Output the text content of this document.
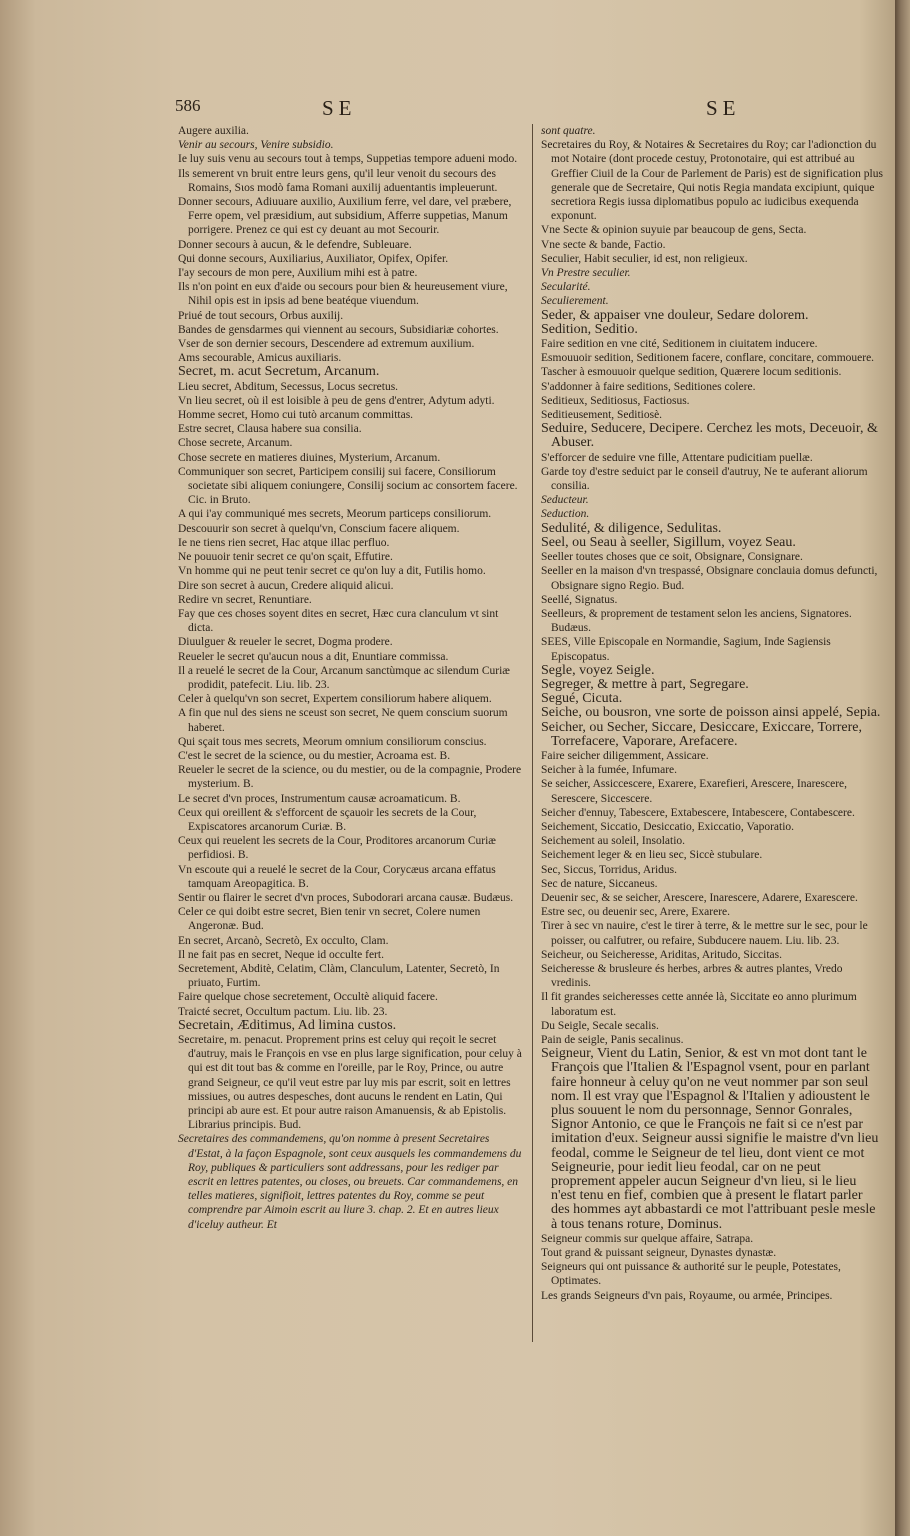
586	SE	SE

Augere auxilia.

Venir au secours, Venire subsidio.

Ie luy suis venu au secours tout à temps, Suppetias tempore adueni modo.

Ils semerent vn bruit entre leurs gens, qu'il leur venoit du secours des Romains, Sιos modò fama Romani auxilij aduentantis impleuerunt.

Donner secours, Adiuuare auxilio, Auxilium ferre, vel dare, vel præbere, Ferre opem, vel præsidium, aut subsidium, Afferre suppetias, Manum porrigere. Prenez ce qui est cy deuant au mot Secourir.

Donner secours à aucun, & le defendre, Subleuare.

Qui donne secours, Auxiliarius, Auxiliator, Opifex, Opifer.

I'ay secours de mon pere, Auxilium mihi est à patre.

Ils n'on point en eux d'aide ou secours pour bien & heureusement viure, Nihil opis est in ipsis ad bene beatéque viuendum.

Priué de tout secours, Orbus auxilij.

Bandes de gensdarmes qui viennent au secours, Subsidiariæ cohortes.

Vser de son dernier secours, Descendere ad extremum auxilium.

Ams secourable, Amicus auxiliaris.

Secret, m. acut Secretum, Arcanum.

Lieu secret, Abditum, Secessus, Locus secretus.

Vn lieu secret, où il est loisible à peu de gens d'entrer, Adytum adyti.

Homme secret, Homo cui tutò arcanum committas.

Estre secret, Clausa habere sua consilia.

Chose secrete, Arcanum.

Chose secrete en matieres diuines, Mysterium, Arcanum.

Communiquer son secret, Participem consilij sui facere, Consiliorum societate sibi aliquem coniungere, Consilij socium ac consortem facere. Cic. in Bruto.

A qui i'ay communiqué mes secrets, Meorum particeps consiliorum.

Descouurir son secret à quelqu'vn, Conscium facere aliquem.

Ie ne tiens rien secret, Hac atque illac perfluo.

Ne pouuoir tenir secret ce qu'on sçait, Effutire.

Vn homme qui ne peut tenir secret ce qu'on luy a dit, Futilis homo.

Dire son secret à aucun, Credere aliquid alicui.

Redire vn secret, Renuntiare.

Fay que ces choses soyent dites en secret, Hæc cura clanculum vt sint dicta.

Diuulguer & reueler le secret, Dogma prodere.

Reueler le secret qu'aucun nous a dit, Enuntiare commissa.

Il a reuelé le secret de la Cour, Arcanum sanctùmque ac silendum Curiæ prodidit, patefecit. Liu. lib. 23.

Celer à quelqu'vn son secret, Expertem consiliorum habere aliquem.

A fin que nul des siens ne sceust son secret, Ne quem conscium suorum haberet.

Qui sçait tous mes secrets, Meorum omnium consiliorum conscius.

C'est le secret de la science, ou du mestier, Acroama est. B.

Reueler le secret de la science, ou du mestier, ou de la compagnie, Prodere mysterium. B.

Le secret d'vn proces, Instrumentum causæ acroamaticum. B.

Ceux qui oreillent & s'efforcent de sçauoir les secrets de la Cour, Expiscatores arcanorum Curiæ. B.

Ceux qui reuelent les secrets de la Cour, Proditores arcanorum Curiæ perfidiosi. B.

Vn escoute qui a reuelé le secret de la Cour, Corycæus arcana effatus tamquam Areopagitica. B.

Sentir ou flairer le secret d'vn proces, Subodorari arcana causæ. Budæus.

Celer ce qui doibt estre secret, Bien tenir vn secret, Colere numen Angeronæ. Bud.

En secret, Arcanò, Secretò, Ex occulto, Clam.

Il ne fait pas en secret, Neque id occulte fert.

Secretement, Abditè, Celatim, Clàm, Clanculum, Latenter, Secretò, In priuato, Furtim.

Faire quelque chose secretement, Occultè aliquid facere.

Traicté secret, Occultum pactum. Liu. lib. 23.

Secretain, Æditimus, Ad limina custos.

Secretaire, m. penacut. Proprement prins est celuy qui reçoit le secret d'autruy, mais le François en vse en plus large signification, pour celuy à qui est dit tout bas & comme en l'oreille, par le Roy, Prince, ou autre grand Seigneur, ce qu'il veut estre par luy mis par escrit, soit en lettres missiues, ou autres despesches, dont aucuns le rendent en Latin, Qui principi ab aure est. Et pour autre raison Amanuensis, & ab Epistolis. Librarius principis. Bud.

Secretaires des commandemens, qu'on nomme à present Secretaires d'Estat, à la façon Espagnole, sont ceux ausquels les commandemens du Roy, publiques & particuliers sont addressans, pour les rediger par escrit en lettres patentes, ou closes, ou breuets. Car commandemens, en telles matieres, signifioit, lettres patentes du Roy, comme se peut comprendre par Aimoin escrit au liure 3. chap. 2. Et en autres lieux d'iceluy autheur. Et

sont quatre.

Secretaires du Roy, & Notaires & Secretaires du Roy; car l'adionction du mot Notaire (dont procede cestuy, Protonotaire, qui est attribué au Greffier Ciuil de la Cour de Parlement de Paris) est de signification plus generale que de Secretaire, Qui notis Regia mandata excipiunt, quique secretiora Regis iussa diplomatibus populo ac iudicibus exequenda exponunt.

Vne Secte & opinion suyuie par beaucoup de gens, Secta.

Vne secte & bande, Factio.

Seculier, Habit seculier, id est, non religieux.

Vn Prestre seculier.

Secularité.

Seculierement.

Seder, & appaiser vne douleur, Sedare dolorem.

Sedition, Seditio.

Faire sedition en vne cité, Seditionem in ciuitatem inducere.

Esmouuoir sedition, Seditionem facere, conflare, concitare, commouere.

Tascher à esmouuoir quelque sedition, Quærere locum seditionis.

S'addonner à faire seditions, Seditiones colere.

Seditieux, Seditiosus, Factiosus.

Seditieusement, Seditiosè.

Seduire, Seducere, Decipere. Cerchez les mots, Deceuoir, & Abuser.

S'efforcer de seduire vne fille, Attentare pudicitiam puellæ.

Garde toy d'estre seduict par le conseil d'autruy, Ne te auferant aliorum consilia.

Seducteur.

Seduction.

Sedulité, & diligence, Sedulitas.

Seel, ou Seau à seeller, Sigillum, voyez Seau.

Seeller toutes choses que ce soit, Obsignare, Consignare.

Seeller en la maison d'vn trespassé, Obsignare conclauia domus defuncti, Obsignare signo Regio. Bud.

Seellé, Signatus.

Seelleurs, & proprement de testament selon les anciens, Signatores. Budæus.

SEES, Ville Episcopale en Normandie, Sagium, Inde Sagiensis Episcopatus.

Segle, voyez Seigle.

Segreger, & mettre à part, Segregare.

Segué, Cicuta.

Seiche, ou bousron, vne sorte de poisson ainsi appelé, Sepia.

Seicher, ou Secher, Siccare, Desiccare, Exiccare, Torrere, Torrefacere, Vaporare, Arefacere.

Faire seicher diligemment, Assicare.

Seicher à la fumée, Infumare.

Se seicher, Assiccescere, Exarere, Exarefieri, Arescere, Inarescere, Serescere, Siccescere.

Seicher d'ennuy, Tabescere, Extabescere, Intabescere, Contabescere.

Seichement, Siccatio, Desiccatio, Exiccatio, Vaporatio.

Seichement au soleil, Insolatio.

Seichement leger & en lieu sec, Siccè stubulare.

Sec, Siccus, Torridus, Aridus.

Sec de nature, Siccaneus.

Deuenir sec, & se seicher, Arescere, Inarescere, Adarere, Exarescere.

Estre sec, ou deuenir sec, Arere, Exarere.

Tirer à sec vn nauire, c'est le tirer à terre, & le mettre sur le sec, pour le poisser, ou calfutrer, ou refaire, Subducere nauem. Liu. lib. 23.

Seicheur, ou Seicheresse, Ariditas, Aritudo, Siccitas.

Seicheresse & brusleure és herbes, arbres & autres plantes, Vredo vredinis.

Il fit grandes seicheresses cette année là, Siccitate eo anno plurimum laboratum est.

Du Seigle, Secale secalis.

Pain de seigle, Panis secalinus.

Seigneur, Vient du Latin, Senior, & est vn mot dont tant le François que l'Italien & l'Espagnol vsent, pour en parlant faire honneur à celuy qu'on ne veut nommer par son seul nom. Il est vray que l'Espagnol & l'Italien y adioustent le plus souuent le nom du personnage, Sennor Gonrales, Signor Antonio, ce que le François ne fait si ce n'est par imitation d'eux. Seigneur aussi signifie le maistre d'vn lieu feodal, comme le Seigneur de tel lieu, dont vient ce mot Seigneurie, pour iedit lieu feodal, car on ne peut proprement appeler aucun Seigneur d'vn lieu, si le lieu n'est tenu en fief, combien que à present le flatart parler des hommes ayt abbastardi ce mot l'attribuant pesle mesle à tous tenans roture, Dominus.

Seigneur commis sur quelque affaire, Satrapa.

Tout grand & puissant seigneur, Dynastes dynastæ.

Seigneurs qui ont puissance & authorité sur le peuple, Potestates, Optimates.

Les grands Seigneurs d'vn pais, Royaume, ou armée, Principes.
